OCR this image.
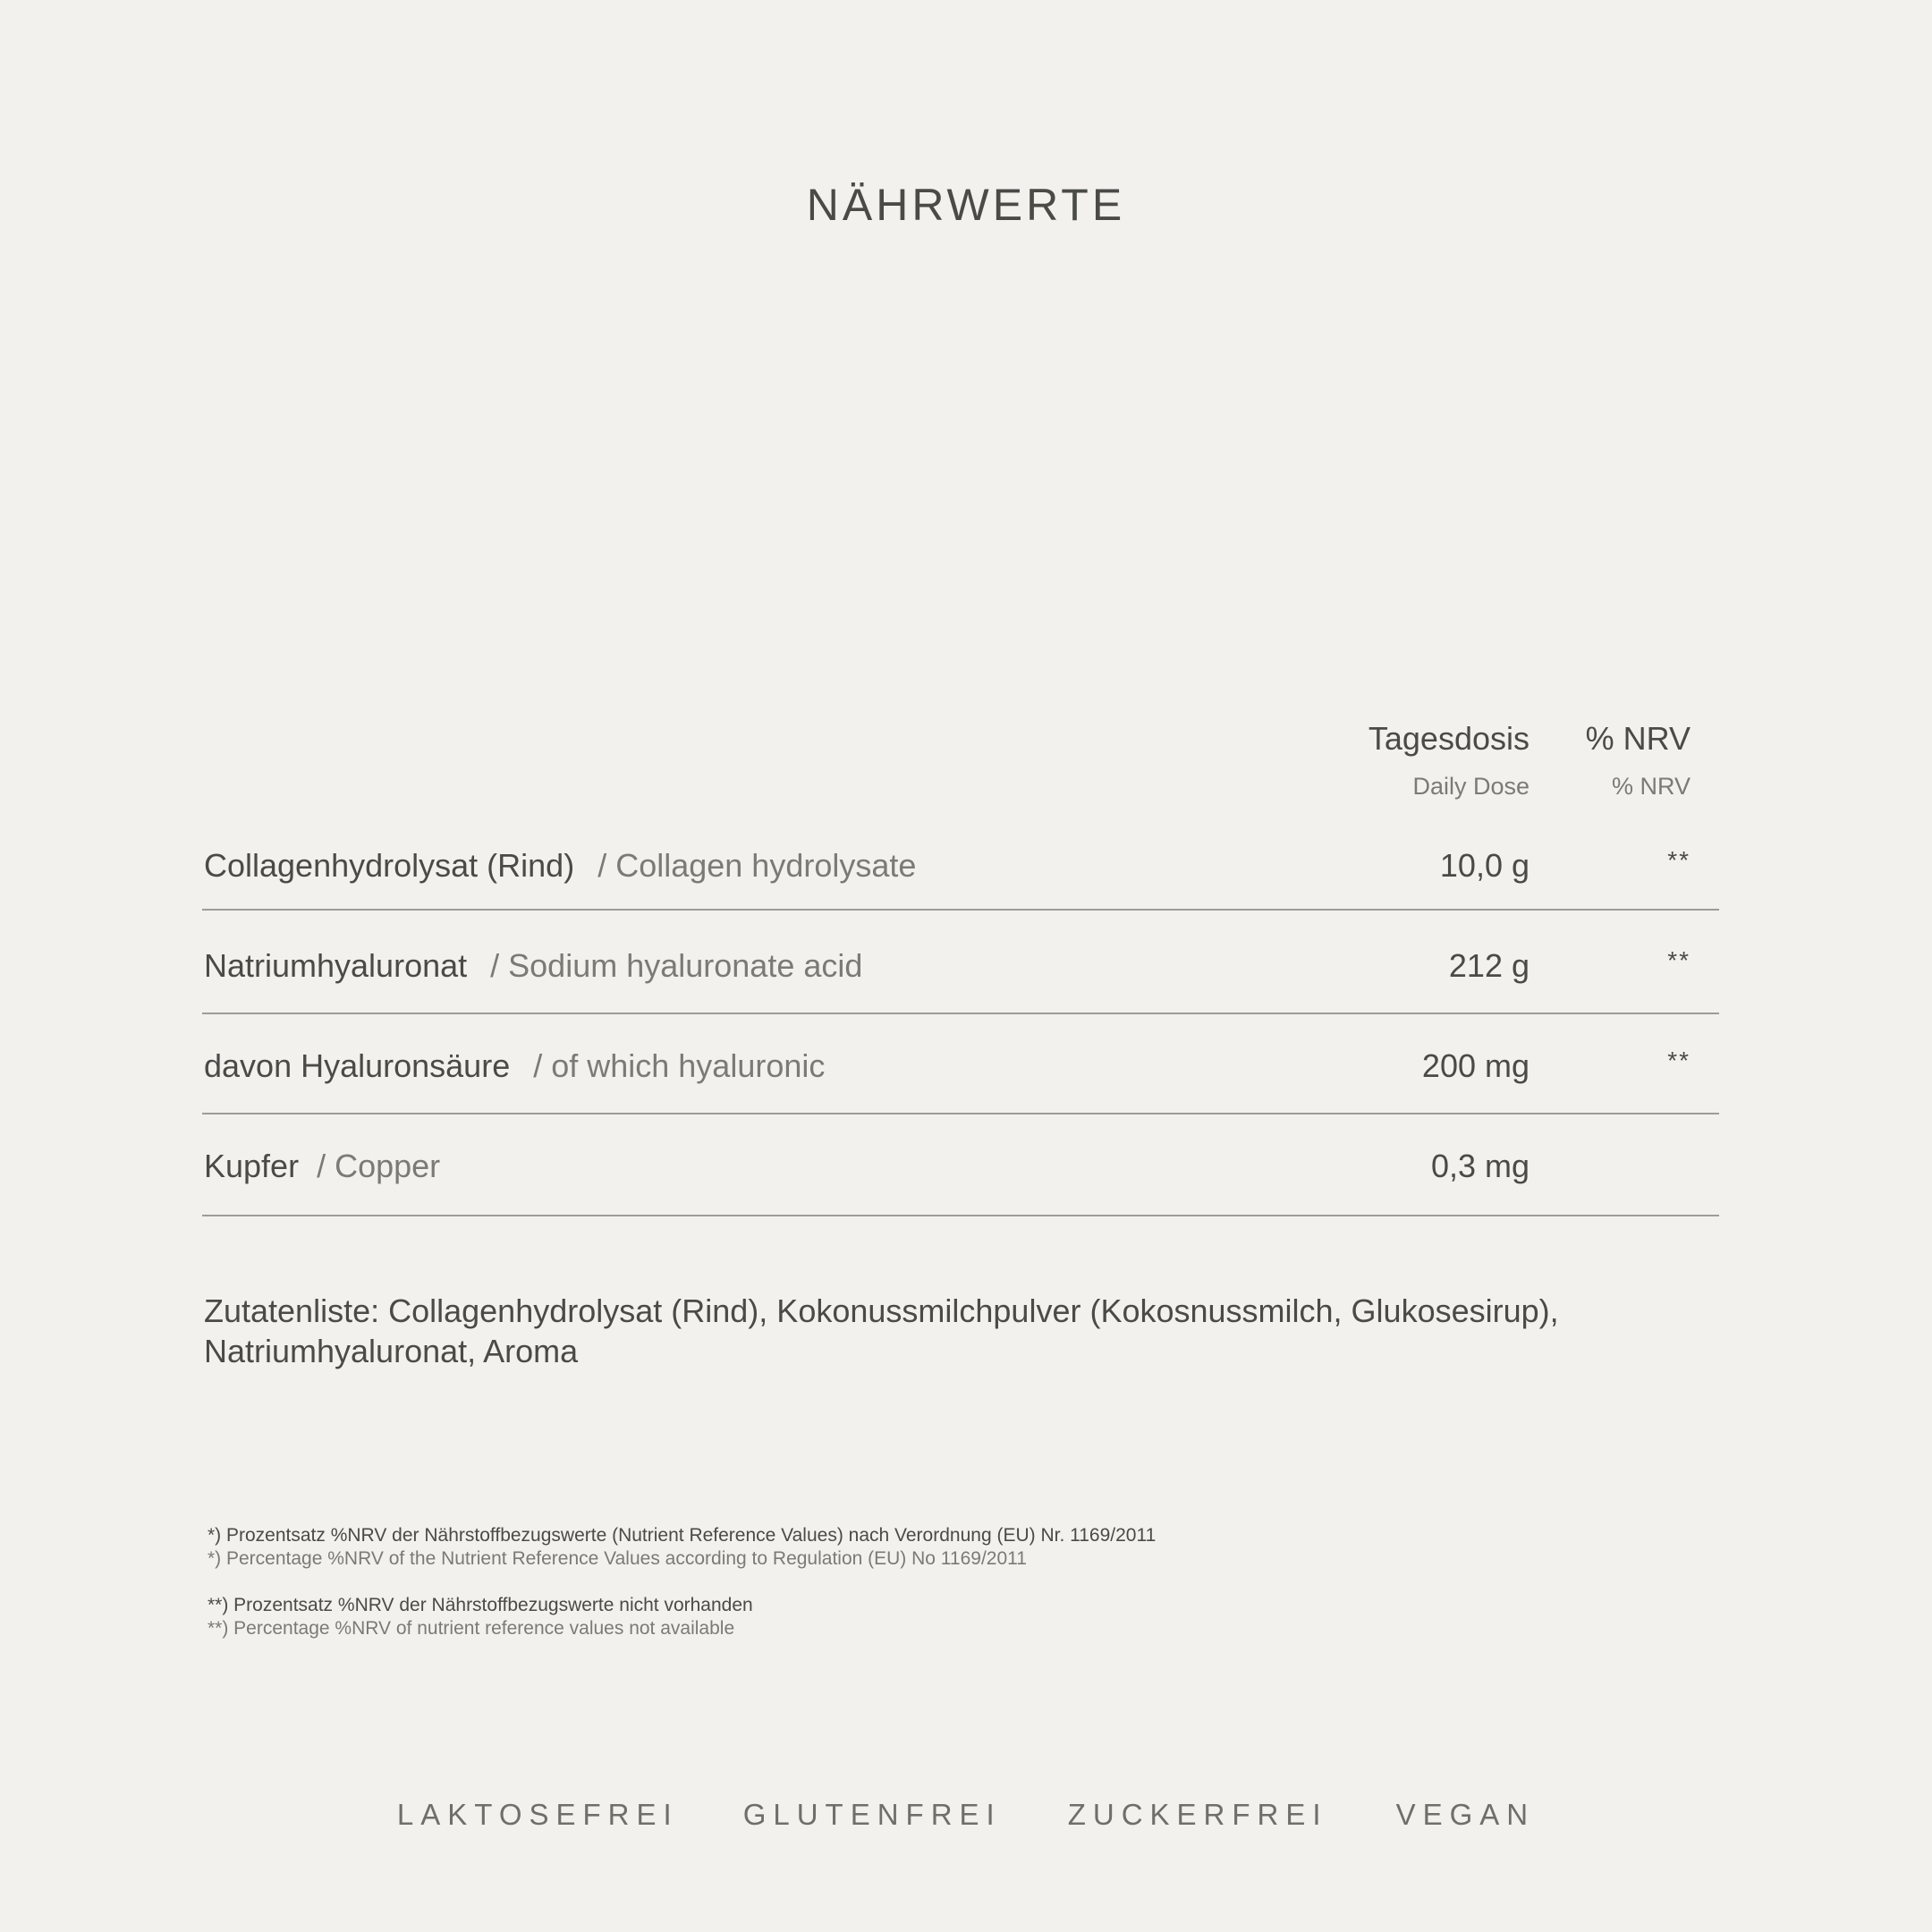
NÄHRWERTE
Tagesdosis
Daily Dose
% NRV
% NRV
Collagenhydrolysat (Rind) / Collagen hydrolysate	10,0 g	**
Natriumhyaluronat / Sodium hyaluronate acid	212 g	**
davon Hyaluronsäure / of which hyaluronic	200 mg	**
Kupfer / Copper	0,3 mg
Zutatenliste: Collagenhydrolysat (Rind), Kokonussmilchpulver (Kokosnussmilch, Glukosesirup), Natriumhyaluronat, Aroma
*) Prozentsatz %NRV der Nährstoffbezugswerte (Nutrient Reference Values) nach Verordnung (EU) Nr. 1169/2011
*) Percentage %NRV of the Nutrient Reference Values according to Regulation (EU) No 1169/2011
**) Prozentsatz %NRV der Nährstoffbezugswerte nicht vorhanden
**) Percentage %NRV of nutrient reference values not available
LAKTOSEFREI GLUTENFREI ZUCKERFREI VEGAN
